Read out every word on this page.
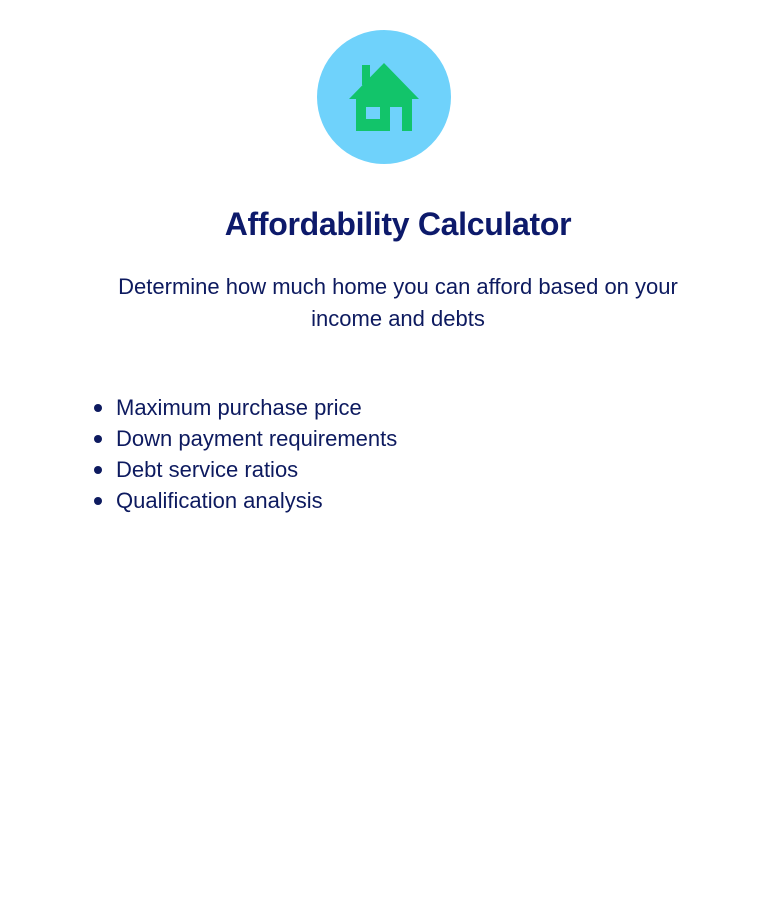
Affordability Calculator

Determine how much home you can afford based on your income and debts

Maximum purchase price
Down payment requirements
Debt service ratios
Qualification analysis
